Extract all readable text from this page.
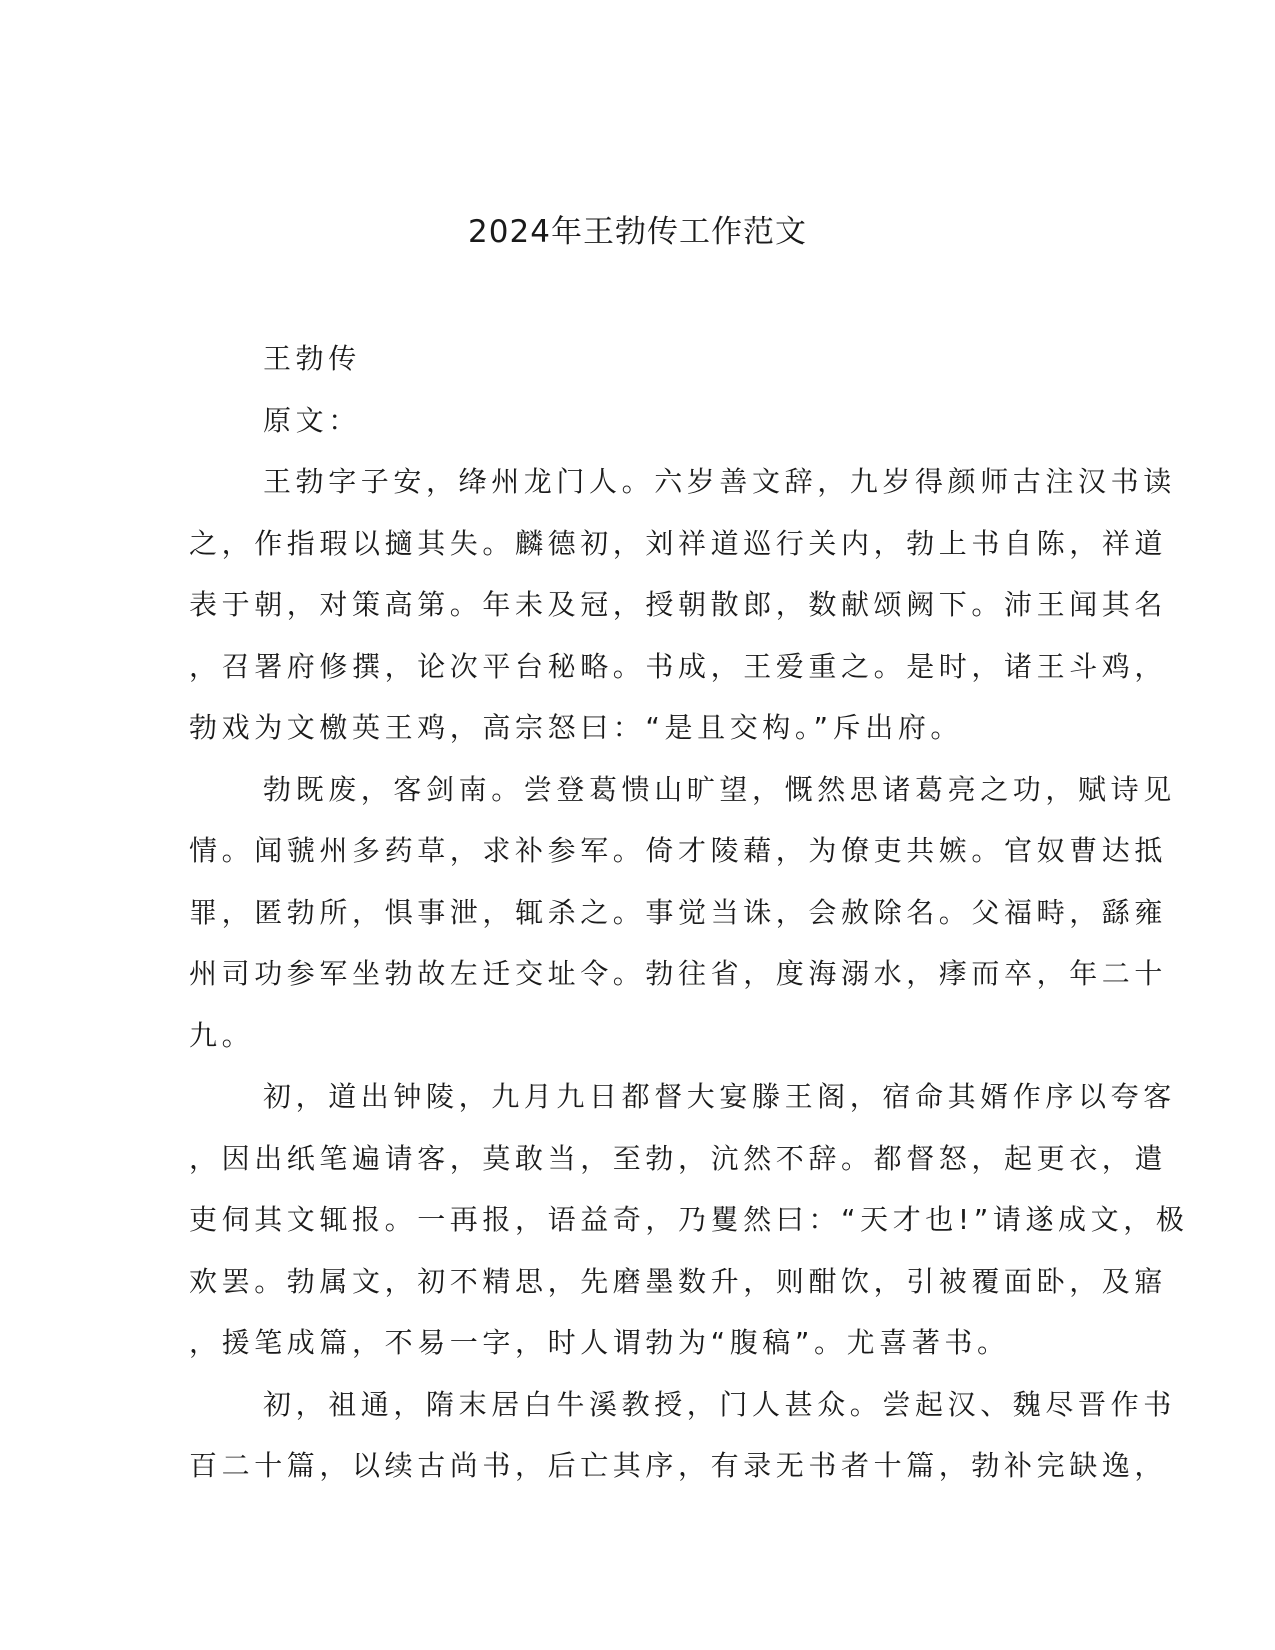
2024年王勃传工作范文
王勃传
原文：
王勃字子安，绛州龙门人。六岁善文辞，九岁得颜师古注汉书读
之，作指瑕以擿其失。麟德初，刘祥道巡行关内，勃上书自陈，祥道
表于朝，对策高第。年未及冠，授朝散郎，数献颂阙下。沛王闻其名
，召署府修撰，论次平台秘略。书成，王爱重之。是时，诸王斗鸡，
勃戏为文檄英王鸡，高宗怒曰：“是且交构。”斥出府。
勃既废，客剑南。尝登葛愦山旷望，慨然思诸葛亮之功，赋诗见
情。闻虢州多药草，求补参军。倚才陵藉，为僚吏共嫉。官奴曹达抵
罪，匿勃所，惧事泄，辄杀之。事觉当诛，会赦除名。父福畤，繇雍
州司功参军坐勃故左迁交址令。勃往省，度海溺水，痵而卒，年二十
九。
初，道出钟陵，九月九日都督大宴滕王阁，宿命其婿作序以夸客
，因出纸笔遍请客，莫敢当，至勃，沆然不辞。都督怒，起更衣，遣
吏伺其文辄报。一再报，语益奇，乃矍然曰：“天才也!”请遂成文，极
欢罢。勃属文，初不精思，先磨墨数升，则酣饮，引被覆面卧，及寤
，援笔成篇，不易一字，时人谓勃为“腹稿”。尤喜著书。
初，祖通，隋末居白牛溪教授，门人甚众。尝起汉、魏尽晋作书
百二十篇，以续古尚书，后亡其序，有录无书者十篇，勃补完缺逸，
